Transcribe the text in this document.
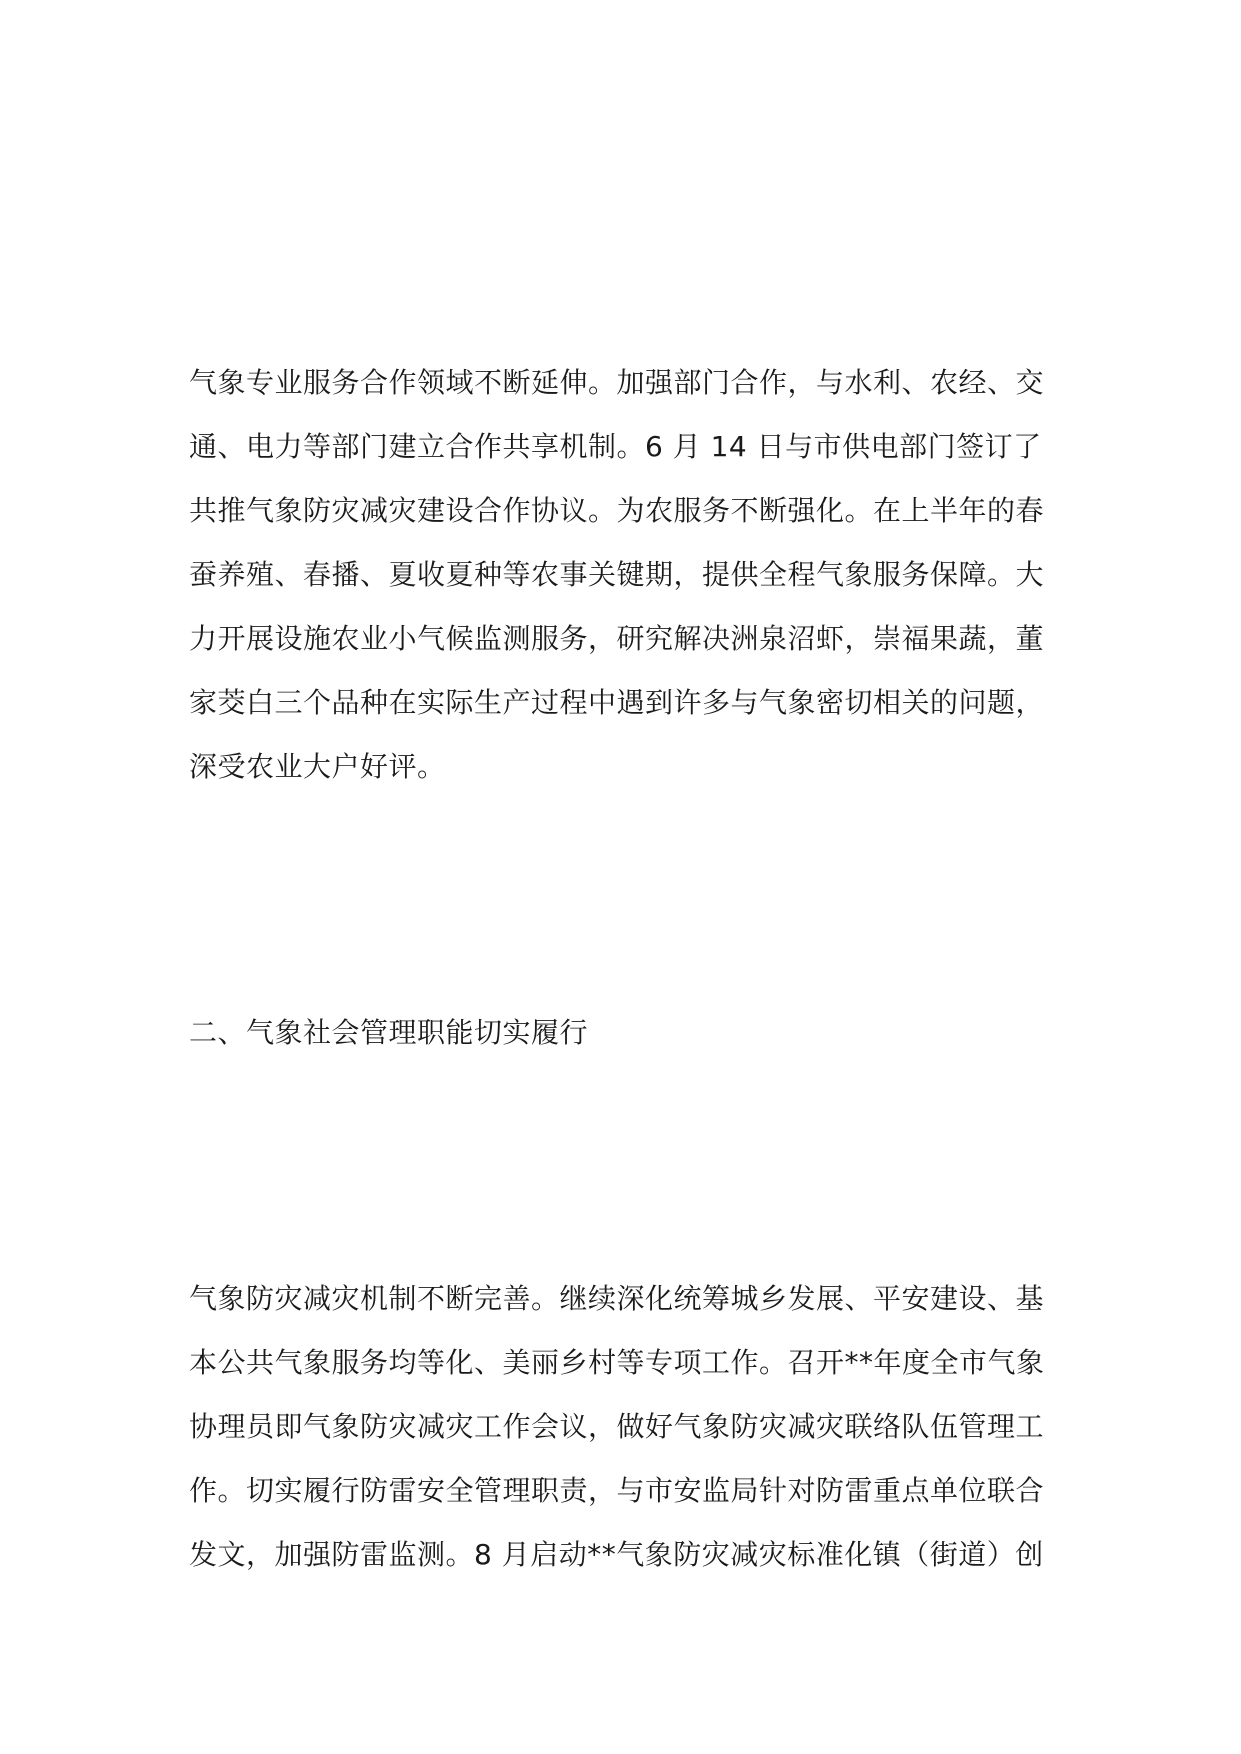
气象专业服务合作领域不断延伸。加强部门合作，与水利、农经、交
通、电力等部门建立合作共享机制。6 月 14 日与市供电部门签订了
共推气象防灾减灾建设合作协议。为农服务不断强化。在上半年的春
蚕养殖、春播、夏收夏种等农事关键期，提供全程气象服务保障。大
力开展设施农业小气候监测服务，研究解决洲泉沼虾，崇福果蔬，董
家茭白三个品种在实际生产过程中遇到许多与气象密切相关的问题，
深受农业大户好评。
二、气象社会管理职能切实履行
气象防灾减灾机制不断完善。继续深化统筹城乡发展、平安建设、基
本公共气象服务均等化、美丽乡村等专项工作。召开**年度全市气象
协理员即气象防灾减灾工作会议，做好气象防灾减灾联络队伍管理工
作。切实履行防雷安全管理职责，与市安监局针对防雷重点单位联合
发文，加强防雷监测。8 月启动**气象防灾减灾标准化镇（街道）创
